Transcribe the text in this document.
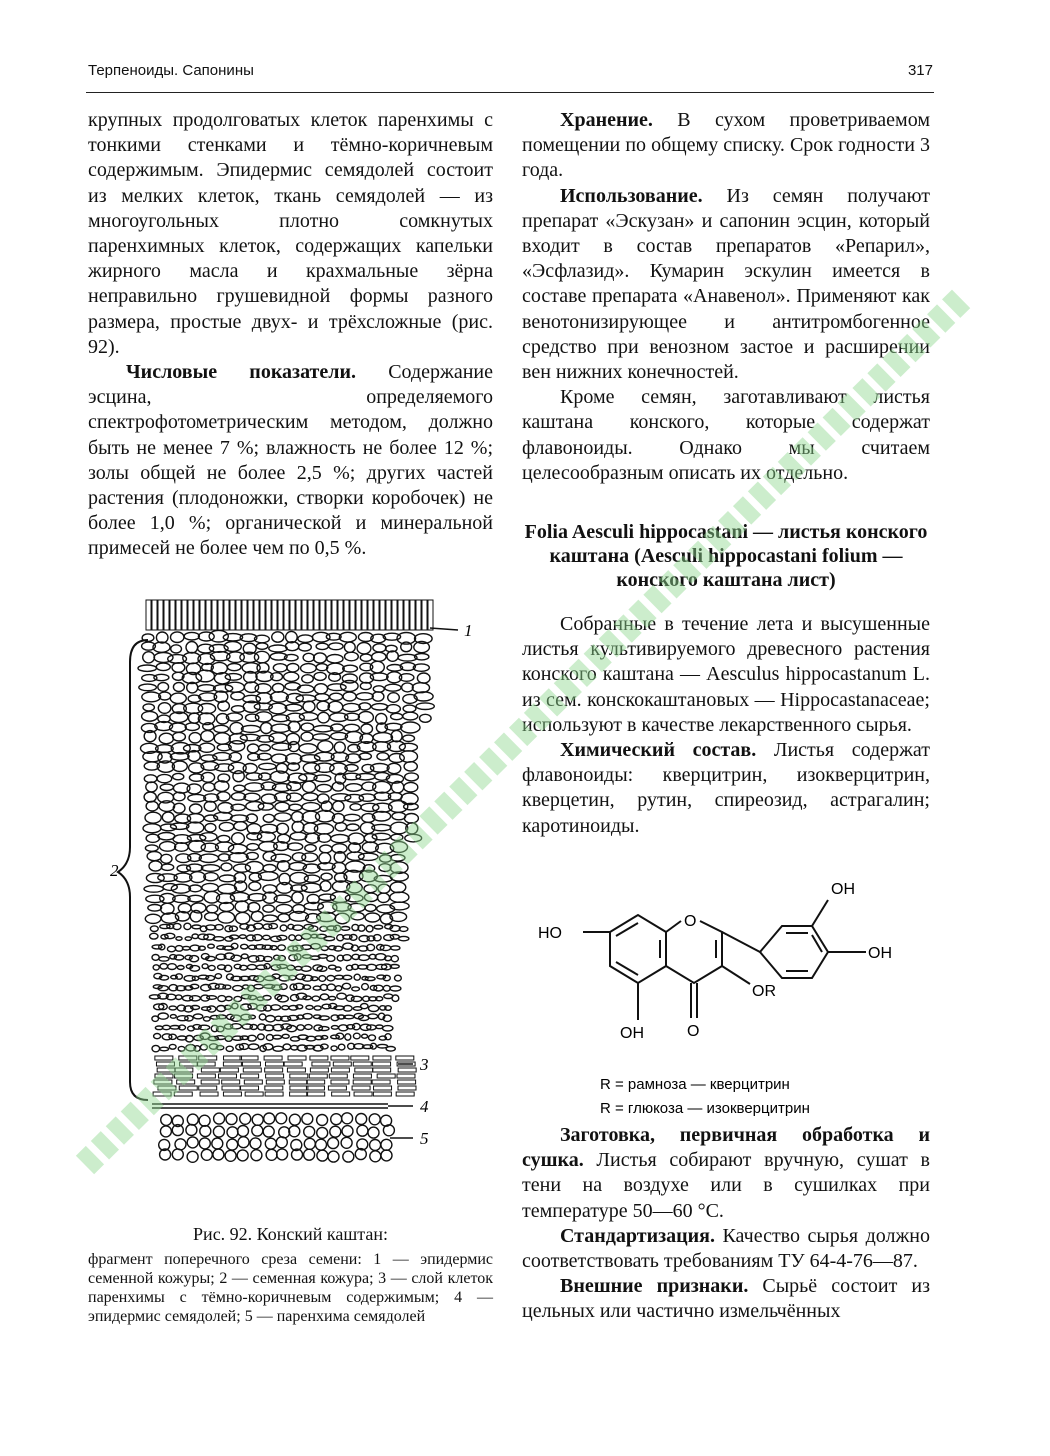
Терпеноиды. Сапонины	317

крупных продолговатых клеток паренхимы с тонкими стенками и тёмно-коричневым содержимым. Эпидермис семядолей состоит из мелких клеток, ткань семядолей — из многоугольных плотно сомкнутых паренхимных клеток, содержащих капельки жирного масла и крахмальные зёрна неправильно грушевидной формы разного размера, простые двух- и трёхсложные (рис. 92).

Числовые показатели. Содержание эсцина, определяемого спектрофотометрическим методом, должно быть не менее 7 %; влажность не более 12 %; золы общей не более 2,5 %; других частей растения (плодоножки, створки коробочек) не более 1,0 %; органической и минеральной примесей не более чем по 0,5 %.

1
2
3
4
5
Рис. 92. Конский каштан:
фрагмент поперечного среза семени: 1 — эпидермис семенной кожуры; 2 — семенная кожура; 3 — слой клеток паренхимы с тёмно-коричневым содержимым; 4 — эпидермис семядолей; 5 — паренхима семядолей

Хранение. В сухом проветриваемом помещении по общему списку. Срок годности 3 года.

Использование. Из семян получают препарат «Эскузан» и сапонин эсцин, который входит в состав препаратов «Репарил», «Эсфлазид». Кумарин эскулин имеется в составе препарата «Анавенол». Применяют как венотонизирующее и антитромбогенное средство при венозном застое и расширении вен нижних конечностей.

Кроме семян, заготавливают листья каштана конского, которые содержат флавоноиды. Однако мы считаем целесообразным описать их отдельно.

Folia Aesculi hippocastani — листья конского каштана (Aesculi hippocastani folium — конского каштана лист)

Собранные в течение лета и высушенные листья культивируемого древесного растения конского каштана — Aesculus hippocastanum L. из сем. конскокаштановых — Hippocastanaceae; используют в качестве лекарственного сырья.

Химический состав. Листья содержат флавоноиды: кверцитрин, изокверцитрин, кверцетин, рутин, спиреозид, астрагалин; каротиноиды.

OH
OH
HO
OR
OH	O
O
R = рамноза — кверцитрин
R = глюкоза — изокверцитрин

Заготовка, первичная обработка и сушка. Листья собирают вручную, сушат в тени на воздухе или в сушилках при температуре 50—60 °С.

Стандартизация. Качество сырья должно соответствовать требованиям ТУ 64-4-76—87.

Внешние признаки. Сырьё состоит из цельных или частично измельчённых
